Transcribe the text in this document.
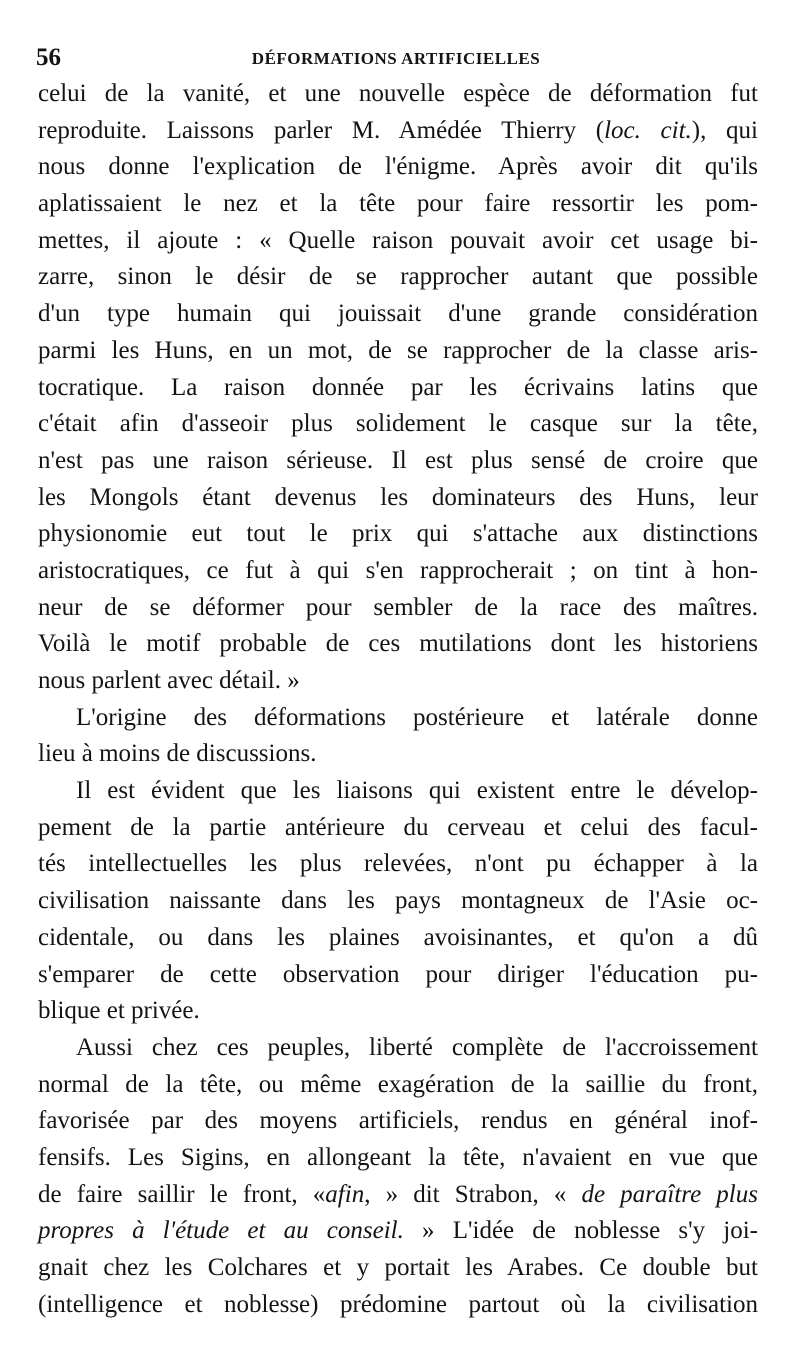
56	DÉFORMATIONS ARTIFICIELLES
celui de la vanité, et une nouvelle espèce de déformation fut
reproduite. Laissons parler M. Amédée Thierry (loc. cit.), qui
nous donne l'explication de l'énigme. Après avoir dit qu'ils
aplatissaient le nez et la tête pour faire ressortir les pom-
mettes, il ajoute : « Quelle raison pouvait avoir cet usage bi-
zarre, sinon le désir de se rapprocher autant que possible
d'un type humain qui jouissait d'une grande considération
parmi les Huns, en un mot, de se rapprocher de la classe aris-
tocratique. La raison donnée par les écrivains latins que
c'était afin d'asseoir plus solidement le casque sur la tête,
n'est pas une raison sérieuse. Il est plus sensé de croire que
les Mongols étant devenus les dominateurs des Huns, leur
physionomie eut tout le prix qui s'attache aux distinctions
aristocratiques, ce fut à qui s'en rapprocherait ; on tint à hon-
neur de se déformer pour sembler de la race des maîtres.
Voilà le motif probable de ces mutilations dont les historiens
nous parlent avec détail. »
L'origine des déformations postérieure et latérale donne
lieu à moins de discussions.
Il est évident que les liaisons qui existent entre le dévelop-
pement de la partie antérieure du cerveau et celui des facul-
tés intellectuelles les plus relevées, n'ont pu échapper à la
civilisation naissante dans les pays montagneux de l'Asie oc-
cidentale, ou dans les plaines avoisinantes, et qu'on a dû
s'emparer de cette observation pour diriger l'éducation pu-
blique et privée.
Aussi chez ces peuples, liberté complète de l'accroissement
normal de la tête, ou même exagération de la saillie du front,
favorisée par des moyens artificiels, rendus en général inof-
fensifs. Les Sigins, en allongeant la tête, n'avaient en vue que
de faire saillir le front, «afin, » dit Strabon, « de paraître plus
propres à l'étude et au conseil. » L'idée de noblesse s'y joi-
gnait chez les Colchares et y portait les Arabes. Ce double but
(intelligence et noblesse) prédomine partout où la civilisation
